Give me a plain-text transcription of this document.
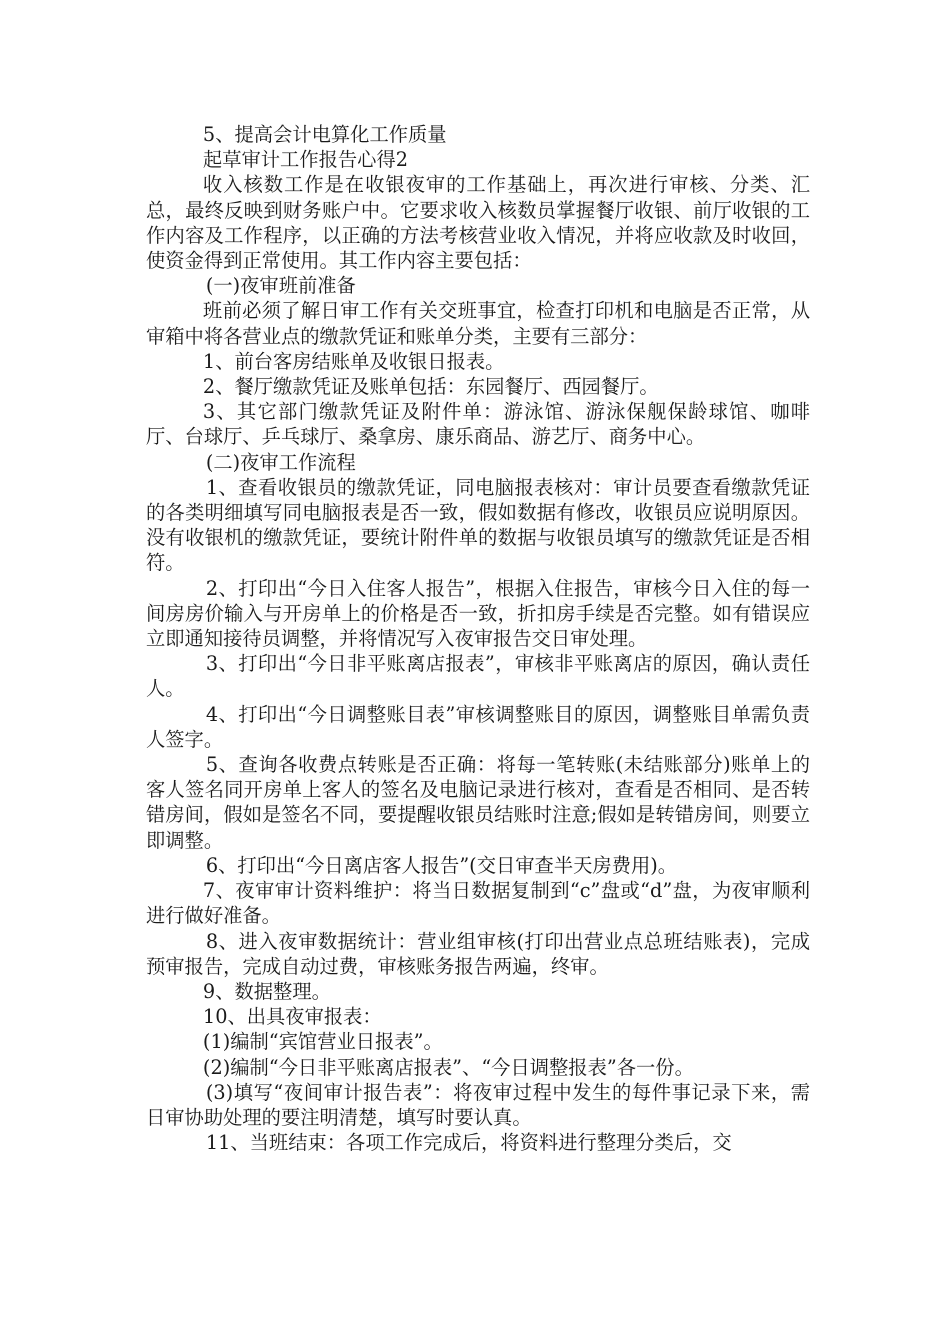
5、提高会计电算化工作质量

起草审计工作报告心得2

收入核数工作是在收银夜审的工作基础上，再次进行审核、分类、汇总，最终反映到财务账户中。它要求收入核数员掌握餐厅收银、前厅收银的工作内容及工作程序，以正确的方法考核营业收入情况，并将应收款及时收回，使资金得到正常使用。其工作内容主要包括：

(一)夜审班前准备

班前必须了解日审工作有关交班事宜，检查打印机和电脑是否正常，从审箱中将各营业点的缴款凭证和账单分类，主要有三部分：

1、前台客房结账单及收银日报表。

2、餐厅缴款凭证及账单包括：东园餐厅、西园餐厅。

3、其它部门缴款凭证及附件单：游泳馆、游泳保舰保龄球馆、咖啡厅、台球厅、乒乓球厅、桑拿房、康乐商品、游艺厅、商务中心。

(二)夜审工作流程

1、查看收银员的缴款凭证，同电脑报表核对：审计员要查看缴款凭证的各类明细填写同电脑报表是否一致，假如数据有修改，收银员应说明原因。没有收银机的缴款凭证，要统计附件单的数据与收银员填写的缴款凭证是否相符。

2、打印出“今日入住客人报告”，根据入住报告，审核今日入住的每一间房房价输入与开房单上的价格是否一致，折扣房手续是否完整。如有错误应立即通知接待员调整，并将情况写入夜审报告交日审处理。

3、打印出“今日非平账离店报表”，审核非平账离店的原因，确认责任人。

4、打印出“今日调整账目表”审核调整账目的原因，调整账目单需负责人签字。

5、查询各收费点转账是否正确：将每一笔转账(未结账部分)账单上的客人签名同开房单上客人的签名及电脑记录进行核对，查看是否相同、是否转错房间，假如是签名不同，要提醒收银员结账时注意;假如是转错房间，则要立即调整。

6、打印出“今日离店客人报告”(交日审查半天房费用)。

7、夜审审计资料维护：将当日数据复制到“c”盘或“d”盘，为夜审顺利进行做好准备。

8、进入夜审数据统计：营业组审核(打印出营业点总班结账表)，完成预审报告，完成自动过费，审核账务报告两遍，终审。

9、数据整理。

10、出具夜审报表：

(1)编制“宾馆营业日报表”。

(2)编制“今日非平账离店报表”、“今日调整报表”各一份。

(3)填写“夜间审计报告表”：将夜审过程中发生的每件事记录下来，需日审协助处理的要注明清楚，填写时要认真。

11、当班结束：各项工作完成后，将资料进行整理分类后，交
